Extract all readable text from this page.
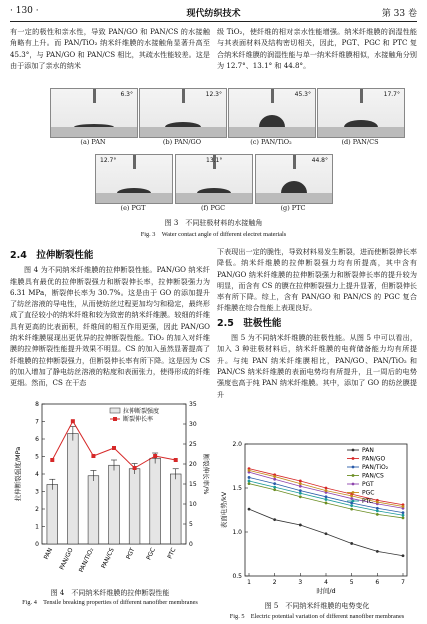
· 130 ·	现代纺织技术	第 33 卷

有一定的极性和亲水性，导致 PAN/GO 和 PAN/CS 的水接触角略有上升。而 PAN/TiO₂ 纳米纤维膜的水接触角显著升高至 45.3°，与 PAN/GO 和 PAN/CS 相比，其疏水性能较差。这是由于添加了亲水的纳米

级 TiO₂，使纤维的相对亲水性能增强。纳米纤维膜的润湿性能与其表面材料及结构密切相关，因此，PGT、PGC 和 PTC 复合纳米纤维膜的润湿性能与单一纳米纤维膜相似，水接触角分别为 12.7°、13.1° 和 44.8°。

6.3°	12.3°	45.3°	17.7°
(a) PAN	(b) PAN/GO	(c) PAN/TiO₂	(d) PAN/CS
12.7°	13.1°	44.8°
(e) PGT	(f) PGC	(g) PTC
图 3　不同驻极材料的水接触角
Fig. 3　Water contact angle of different electret materials
2.4　拉伸断裂性能

图 4 为不同纳米纤维膜的拉伸断裂性能。PAN/GO 纳米纤维膜具有最优的拉伸断裂强力和断裂伸长率，拉伸断裂强力为 6.31 MPa，断裂伸长率为 30.7%。这是由于 GO 的添加提升了纺丝溶液的导电性，从而使纺丝过程更加均匀和稳定，最终形成了直径较小的纳米纤维和较为致密的纳米纤维膜。较细的纤维具有更高的比表面积，纤维间的相互作用更强，因此 PAN/GO 纳米纤维膜展现出更优异的拉伸断裂性能。TiO₂ 的加入对纤维膜的拉伸断裂性能提升效果不明显。CS 的加入虽然显著提高了纤维膜的拉伸断裂强力，但断裂伸长率有所下降。这是因为 CS 的加入增加了静电纺丝溶液的粘度和表面张力，使得形成的纤维更细。然而，CS 在干态

下表现出一定的脆性，导致材料易发生断裂，进而使断裂伸长率降低。纳米纤维膜的拉伸断裂强力均有所提高，其中含有 PAN/GO 纳米纤维膜的拉伸断裂强力和断裂伸长率的提升较为明显，而含有 CS 的膜在拉伸断裂强力上提升显著，但断裂伸长率有所下降。综上，含有 PAN/GO 和 PAN/CS 的 PGC 复合纤维膜在综合性能上表现良好。

2.5　驻极性能

图 5 为不同纳米纤维膜的驻极性能。从图 5 中可以看出，加入 3 种驻极材料后，纳米纤维膜的电荷储备能力均有所提升。与纯 PAN 纳米纤维膜相比，PAN/GO、PAN/TiO₂ 和 PAN/CS 纳米纤维膜的表面电势均有所提升，且一周后的电势强度也高于纯 PAN 纳米纤维膜。其中，添加了 GO 的纺丝膜提升

0
1
2
3
4
5
6
7
8
0
5
10
15
20
25
30
35
拉伸断裂强度/MPa	断裂伸长率/%
PAN PAN/GO PAN/TiO₂ PAN/CS PGT PGC PTC
拉伸断裂强度
断裂伸长率
图 4　不同纳米纤维膜的拉伸断裂性能
Fig. 4　Tensile breaking properties of different nanofiber membranes
0.5
1.0
1.5
2.0
1	2	3	4	5	6	7
时间/d
表面电势/kV
PAN
PAN/GO
PAN/TiO₂
PAN/CS
PGT
PGC
PTC
图 5　不同纳米纤维膜的电势变化
Fig. 5　Electric potential variation of different nanofiber membranes
